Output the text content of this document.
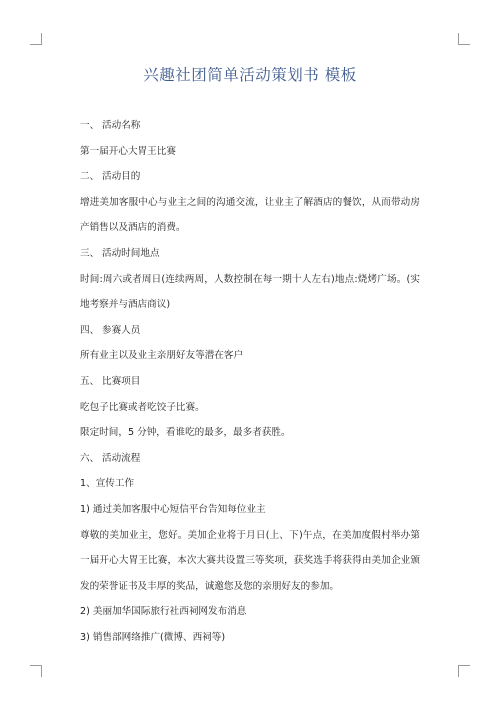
兴趣社团简单活动策划书 模板

一、 活动名称

第一届开心大胃王比赛

二、 活动目的

增进美加客服中心与业主之间的沟通交流，让业主了解酒店的餐饮，从而带动房产销售以及酒店的消费。

三、 活动时间地点

时间:周六或者周日(连续两周，人数控制在每一期十人左右)地点:烧烤广场。(实地考察并与酒店商议)

四、 参赛人员

所有业主以及业主亲朋好友等潜在客户

五、 比赛项目

吃包子比赛或者吃饺子比赛。

限定时间，5 分钟，看谁吃的最多，最多者获胜。

六、 活动流程

1、宣传工作

1) 通过美加客服中心短信平台告知每位业主

尊敬的美加业主，您好。美加企业将于月日(上、下)午点，在美加度假村举办第一届开心大胃王比赛，本次大赛共设置三等奖项，获奖选手将获得由美加企业颁发的荣誉证书及丰厚的奖品，诚邀您及您的亲朋好友的参加。

2) 美丽加华国际旅行社西祠网发布消息

3) 销售部网络推广(微博、西祠等)
